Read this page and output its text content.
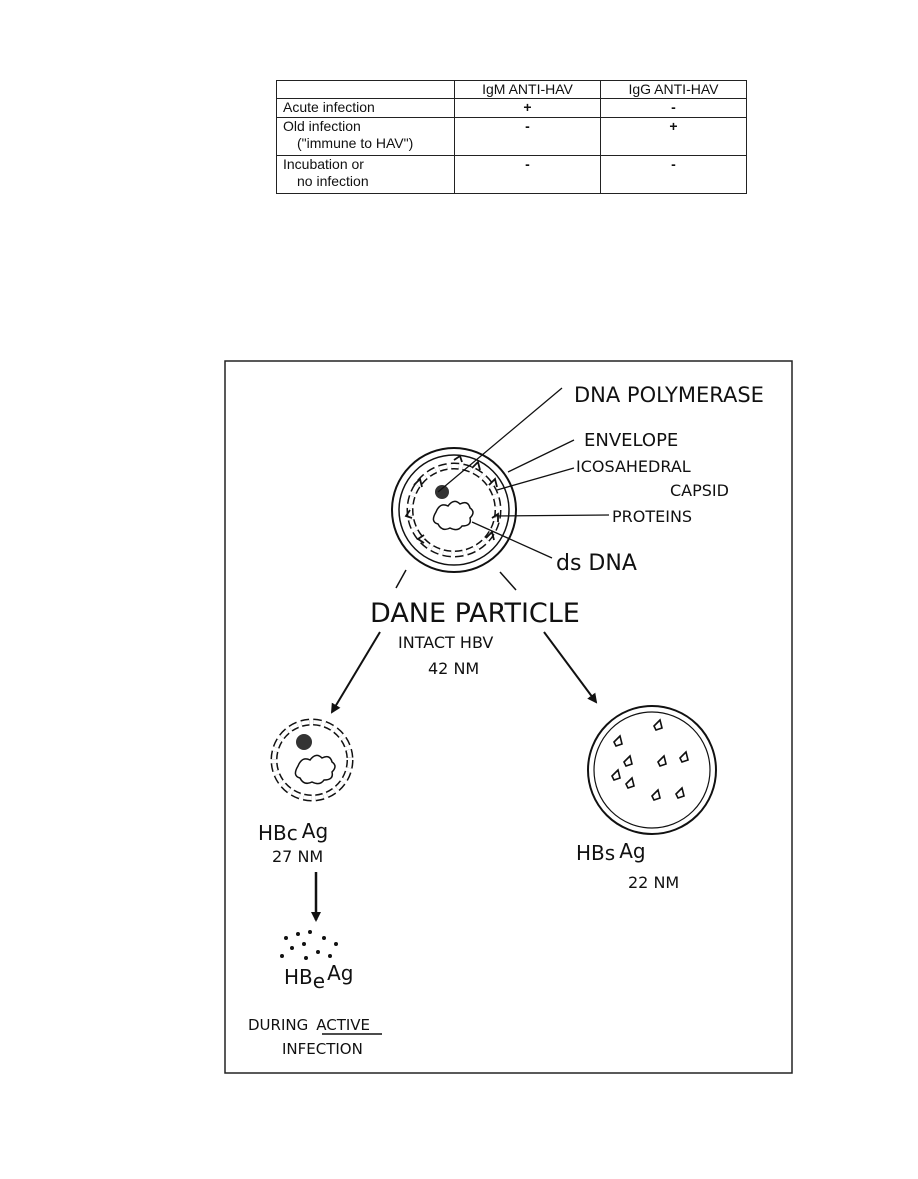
	IgM ANTI-HAV	IgG ANTI-HAV
Acute infection	+	-

Old infection
("immune to HAV")	-	+

Incubation or
no infection	-	-
DNA POLYMERASE
ENVELOPE
ICOSAHEDRAL
CAPSID
PROTEINS
ds DNA
DANE PARTICLE
INTACT HBV
42 NM
HBc Ag
27 NM	HBs Ag
22 NM
HBe Ag
DURING ACTIVE
INFECTION
